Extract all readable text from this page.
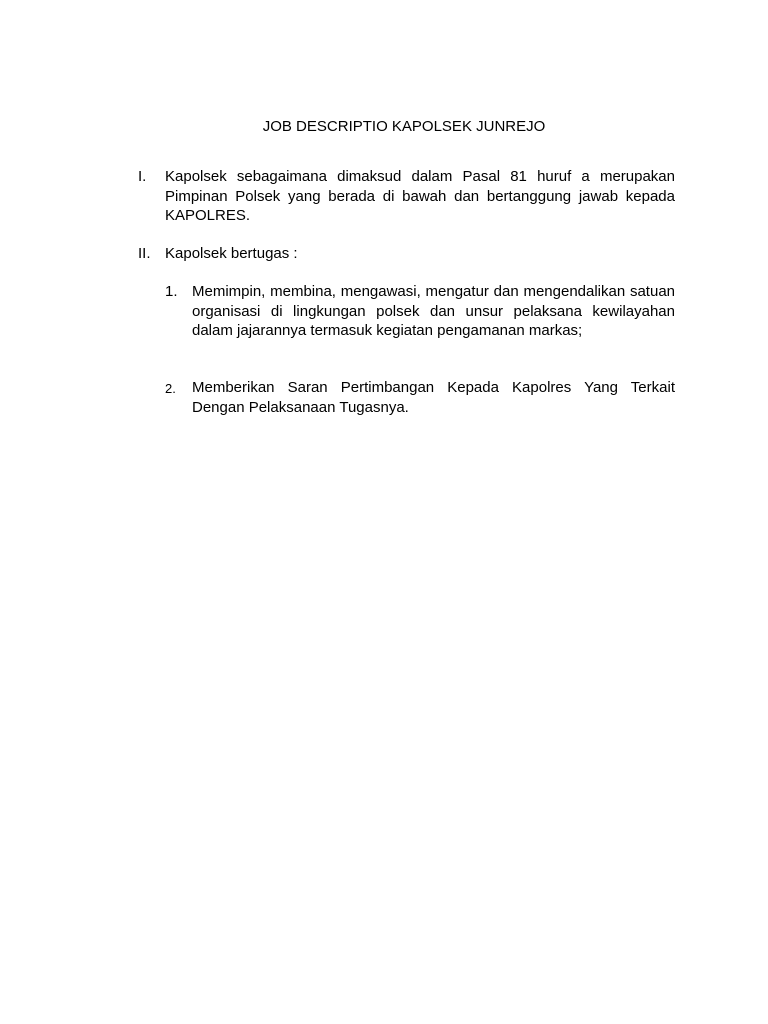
JOB DESCRIPTIO KAPOLSEK JUNREJO
I. Kapolsek sebagaimana dimaksud dalam Pasal 81 huruf a merupakan Pimpinan Polsek yang berada di bawah dan bertanggung jawab kepada KAPOLRES.
II. Kapolsek bertugas :
1. Memimpin, membina, mengawasi, mengatur dan mengendalikan satuan organisasi di lingkungan polsek dan unsur pelaksana kewilayahan dalam jajarannya termasuk kegiatan pengamanan markas;
2. Memberikan Saran Pertimbangan Kepada Kapolres Yang Terkait Dengan Pelaksanaan Tugasnya.
